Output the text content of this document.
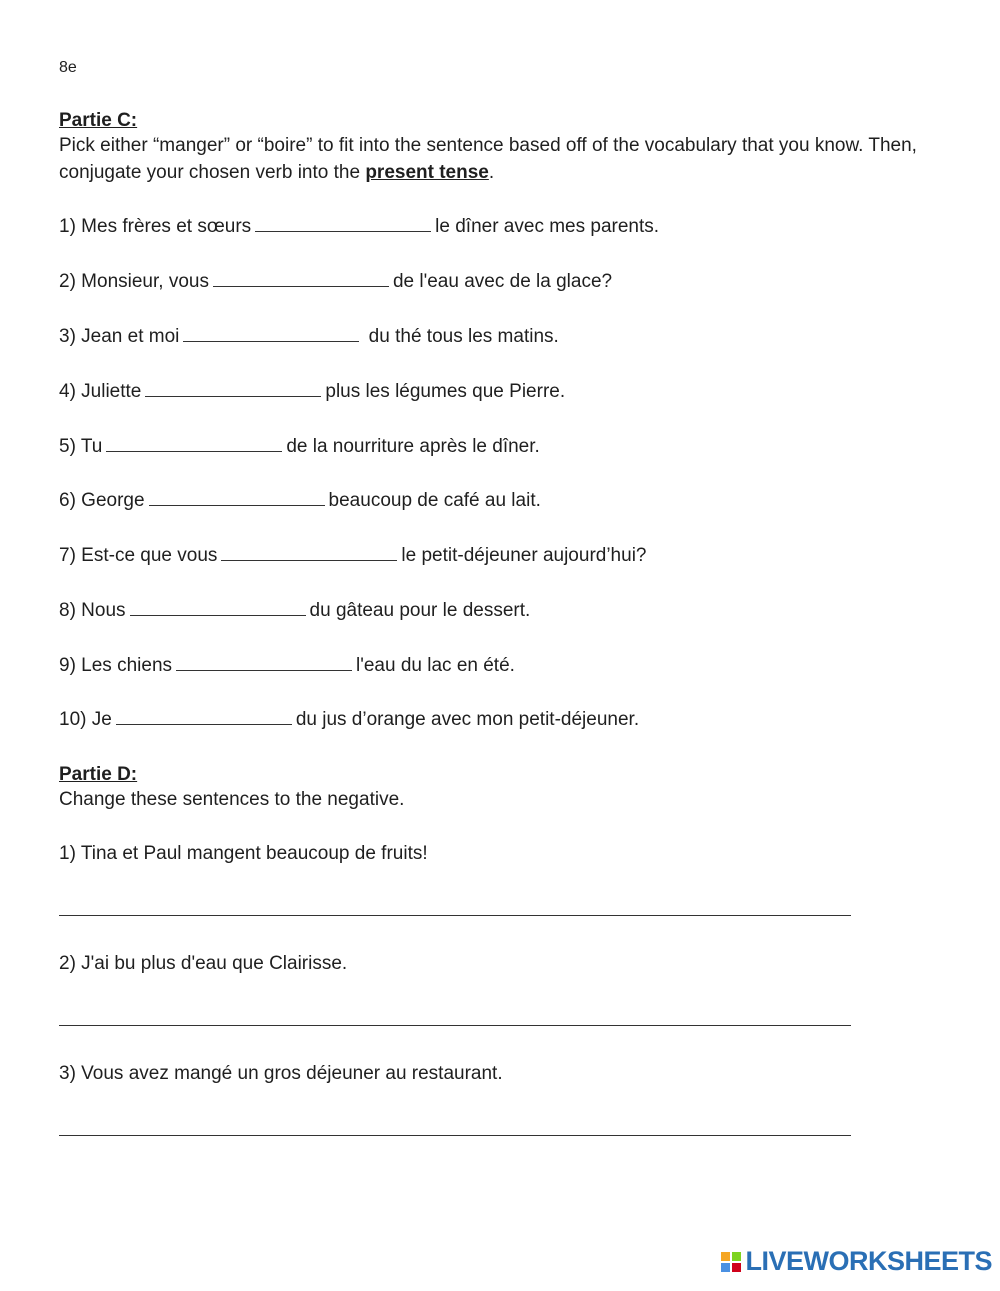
8e
Partie C:
Pick either “manger” or “boire” to fit into the sentence based off of the vocabulary that you know. Then, conjugate your chosen verb into the present tense.
1) Mes frères et sœurs	le dîner avec mes parents.
2) Monsieur, vous	de l'eau avec de la glace?
3) Jean et moi	du thé tous les matins.
4) Juliette	plus les légumes que Pierre.
5) Tu	de la nourriture après le dîner.
6) George	beaucoup de café au lait.
7) Est-ce que vous	le petit-déjeuner aujourd’hui?
8) Nous	du gâteau pour le dessert.
9) Les chiens	l'eau du lac en été.
10) Je	du jus d’orange avec mon petit-déjeuner.
Partie D:
Change these sentences to the negative.
1) Tina et Paul mangent beaucoup de fruits!
2) J'ai bu plus d'eau que Clairisse.
3) Vous avez mangé un gros déjeuner au restaurant.
LIVEWORKSHEETS
